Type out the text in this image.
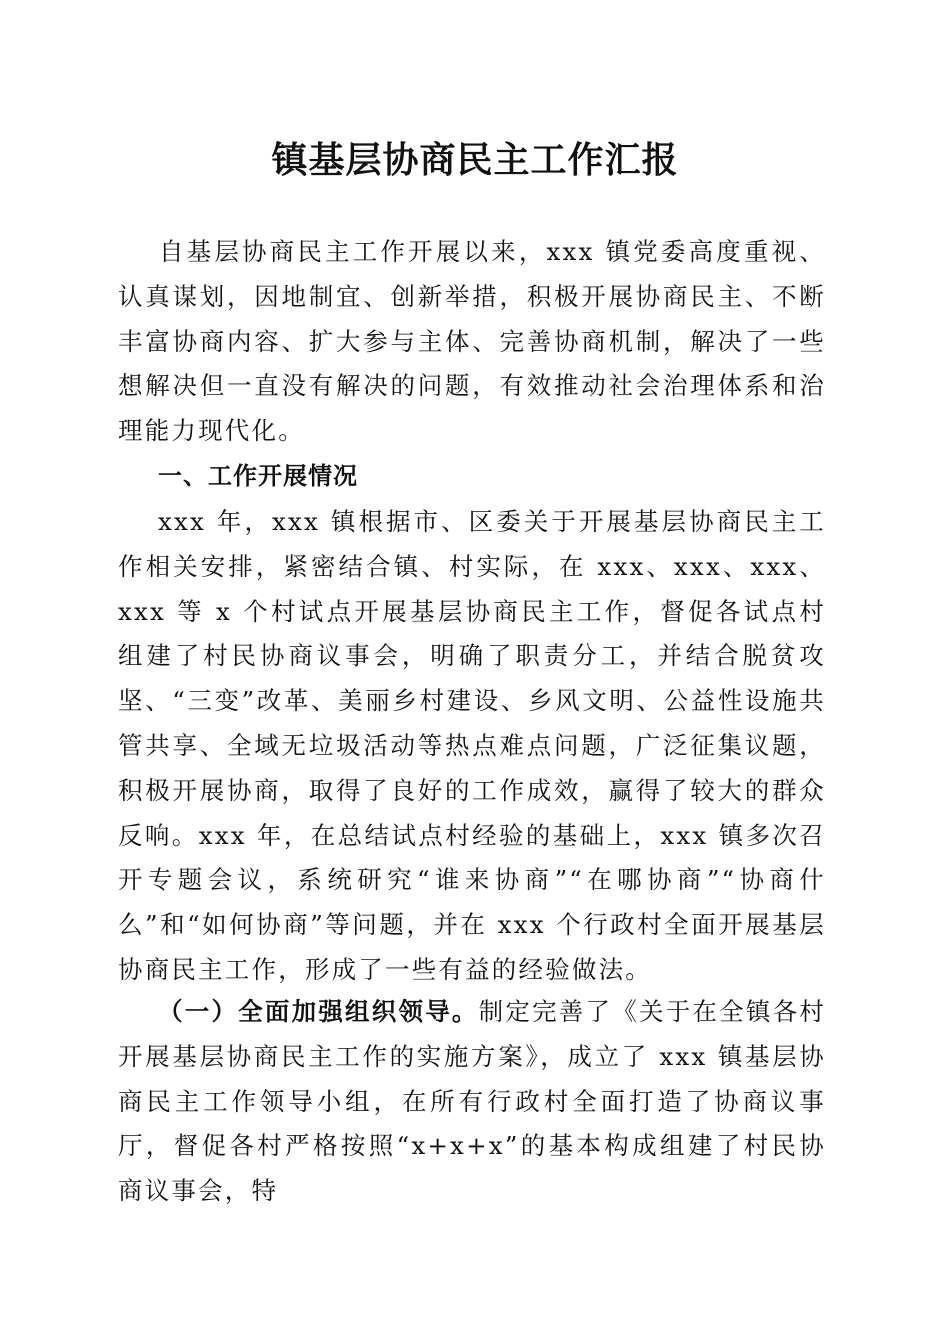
镇基层协商民主工作汇报

自基层协商民主工作开展以来，xxx 镇党委高度重视、认真谋划，因地制宜、创新举措，积极开展协商民主、不断丰富协商内容、扩大参与主体、完善协商机制，解决了一些想解决但一直没有解决的问题，有效推动社会治理体系和治理能力现代化。

一、工作开展情况

xxx 年，xxx 镇根据市、区委关于开展基层协商民主工作相关安排，紧密结合镇、村实际，在 xxx、xxx、xxx、xxx 等 x 个村试点开展基层协商民主工作，督促各试点村组建了村民协商议事会，明确了职责分工，并结合脱贫攻坚、“三变”改革、美丽乡村建设、乡风文明、公益性设施共管共享、全域无垃圾活动等热点难点问题，广泛征集议题，积极开展协商，取得了良好的工作成效，赢得了较大的群众反响。xxx 年，在总结试点村经验的基础上，xxx 镇多次召开专题会议，系统研究“谁来协商”“在哪协商”“协商什么”和“如何协商”等问题，并在 xxx 个行政村全面开展基层协商民主工作，形成了一些有益的经验做法。

（一）全面加强组织领导。制定完善了《关于在全镇各村开展基层协商民主工作的实施方案》，成立了 xxx 镇基层协商民主工作领导小组，在所有行政村全面打造了协商议事厅，督促各村严格按照“x+x+x”的基本构成组建了村民协商议事会，特
